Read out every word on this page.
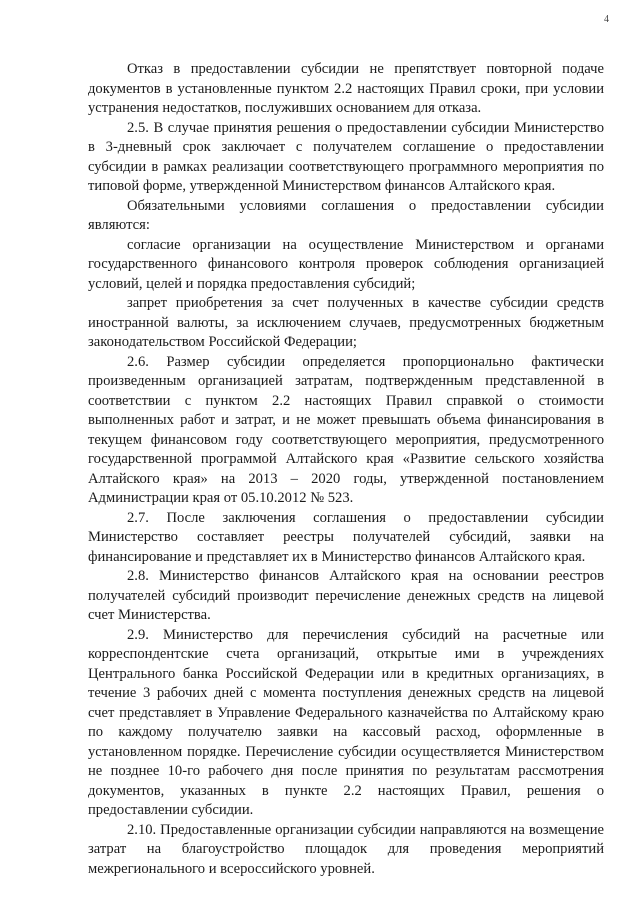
4

Отказ в предоставлении субсидии не препятствует повторной подаче документов в установленные пунктом 2.2 настоящих Правил сроки, при условии устранения недостатков, послуживших основанием для отказа.

2.5. В случае принятия решения о предоставлении субсидии Министерство в 3-дневный срок заключает с получателем соглашение о предоставлении субсидии в рамках реализации соответствующего программного мероприятия по типовой форме, утвержденной Министерством финансов Алтайского края.

Обязательными условиями соглашения о предоставлении субсидии являются:

согласие организации на осуществление Министерством и органами государственного финансового контроля проверок соблюдения организацией условий, целей и порядка предоставления субсидий;

запрет приобретения за счет полученных в качестве субсидии средств иностранной валюты, за исключением случаев, предусмотренных бюджетным законодательством Российской Федерации;

2.6. Размер субсидии определяется пропорционально фактически произведенным организацией затратам, подтвержденным представленной в соответствии с пунктом 2.2 настоящих Правил справкой о стоимости выполненных работ и затрат, и не может превышать объема финансирования в текущем финансовом году соответствующего мероприятия, предусмотренного государственной программой Алтайского края «Развитие сельского хозяйства Алтайского края» на 2013 – 2020 годы, утвержденной постановлением Администрации края от 05.10.2012 № 523.

2.7. После заключения соглашения о предоставлении субсидии Министерство составляет реестры получателей субсидий, заявки на финансирование и представляет их в Министерство финансов Алтайского края.

2.8. Министерство финансов Алтайского края на основании реестров получателей субсидий производит перечисление денежных средств на лицевой счет Министерства.

2.9. Министерство для перечисления субсидий на расчетные или корреспондентские счета организаций, открытые ими в учреждениях Центрального банка Российской Федерации или в кредитных организациях, в течение 3 рабочих дней с момента поступления денежных средств на лицевой счет представляет в Управление Федерального казначейства по Алтайскому краю по каждому получателю заявки на кассовый расход, оформленные в установленном порядке. Перечисление субсидии осуществляется Министерством не позднее 10-го рабочего дня после принятия по результатам рассмотрения документов, указанных в пункте 2.2 настоящих Правил, решения о предоставлении субсидии.

2.10. Предоставленные организации субсидии направляются на возмещение затрат на благоустройство площадок для проведения мероприятий межрегионального и всероссийского уровней.
